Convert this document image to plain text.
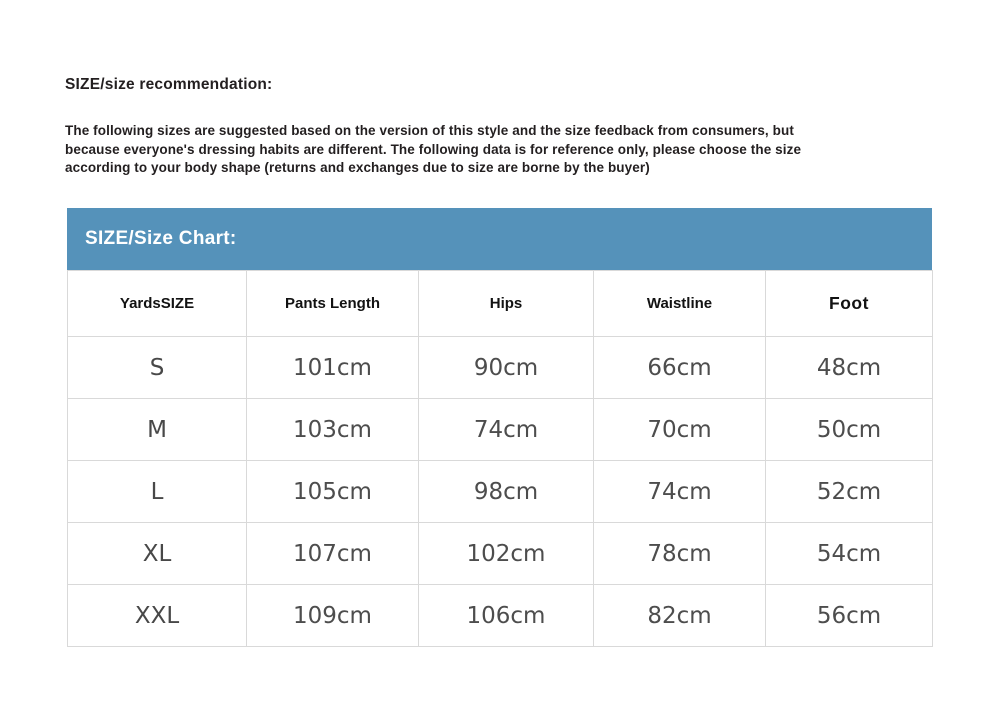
SIZE/size recommendation:
The following sizes are suggested based on the version of this style and the size feedback from consumers, but
because everyone's dressing habits are different. The following data is for reference only, please choose the size
according to your body shape (returns and exchanges due to size are borne by the buyer)
SIZE/Size Chart:
YardsSIZE	Pants Length	Hips	Waistline	Foot
S	101cm	90cm	66cm	48cm
M	103cm	74cm	70cm	50cm
L	105cm	98cm	74cm	52cm
XL	107cm	102cm	78cm	54cm
XXL	109cm	106cm	82cm	56cm
